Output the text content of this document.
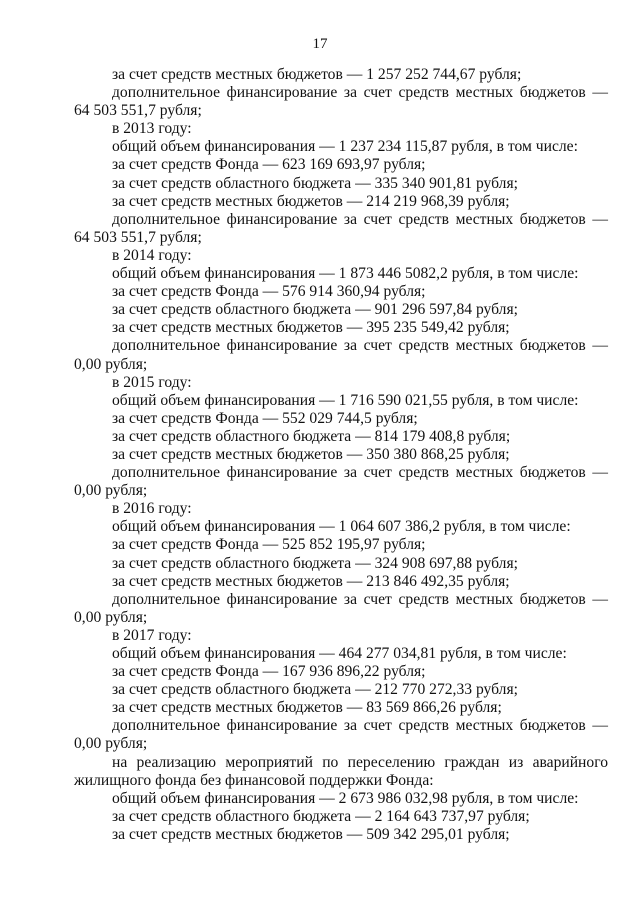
17

за счет средств местных бюджетов — 1 257 252 744,67 рубля;

дополнительное финансирование за счет средств местных бюджетов — 64 503 551,7 рубля;

в 2013 году:

общий объем финансирования — 1 237 234 115,87 рубля, в том числе:

за счет средств Фонда — 623 169 693,97 рубля;

за счет средств областного бюджета — 335 340 901,81 рубля;

за счет средств местных бюджетов — 214 219 968,39 рубля;

дополнительное финансирование за счет средств местных бюджетов — 64 503 551,7 рубля;

в 2014 году:

общий объем финансирования — 1 873 446 5082,2 рубля, в том числе:

за счет средств Фонда — 576 914 360,94 рубля;

за счет средств областного бюджета — 901 296 597,84 рубля;

за счет средств местных бюджетов — 395 235 549,42 рубля;

дополнительное финансирование за счет средств местных бюджетов — 0,00 рубля;

в 2015 году:

общий объем финансирования — 1 716 590 021,55 рубля, в том числе:

за счет средств Фонда — 552 029 744,5 рубля;

за счет средств областного бюджета — 814 179 408,8 рубля;

за счет средств местных бюджетов — 350 380 868,25 рубля;

дополнительное финансирование за счет средств местных бюджетов — 0,00 рубля;

в 2016 году:

общий объем финансирования — 1 064 607 386,2 рубля, в том числе:

за счет средств Фонда — 525 852 195,97 рубля;

за счет средств областного бюджета — 324 908 697,88 рубля;

за счет средств местных бюджетов — 213 846 492,35 рубля;

дополнительное финансирование за счет средств местных бюджетов — 0,00 рубля;

в 2017 году:

общий объем финансирования — 464 277 034,81 рубля, в том числе:

за счет средств Фонда — 167 936 896,22 рубля;

за счет средств областного бюджета — 212 770 272,33 рубля;

за счет средств местных бюджетов — 83 569 866,26 рубля;

дополнительное финансирование за счет средств местных бюджетов — 0,00 рубля;

на реализацию мероприятий по переселению граждан из аварийного жилищного фонда без финансовой поддержки Фонда:

общий объем финансирования — 2 673 986 032,98 рубля, в том числе:

за счет средств областного бюджета — 2 164 643 737,97 рубля;

за счет средств местных бюджетов — 509 342 295,01 рубля;
